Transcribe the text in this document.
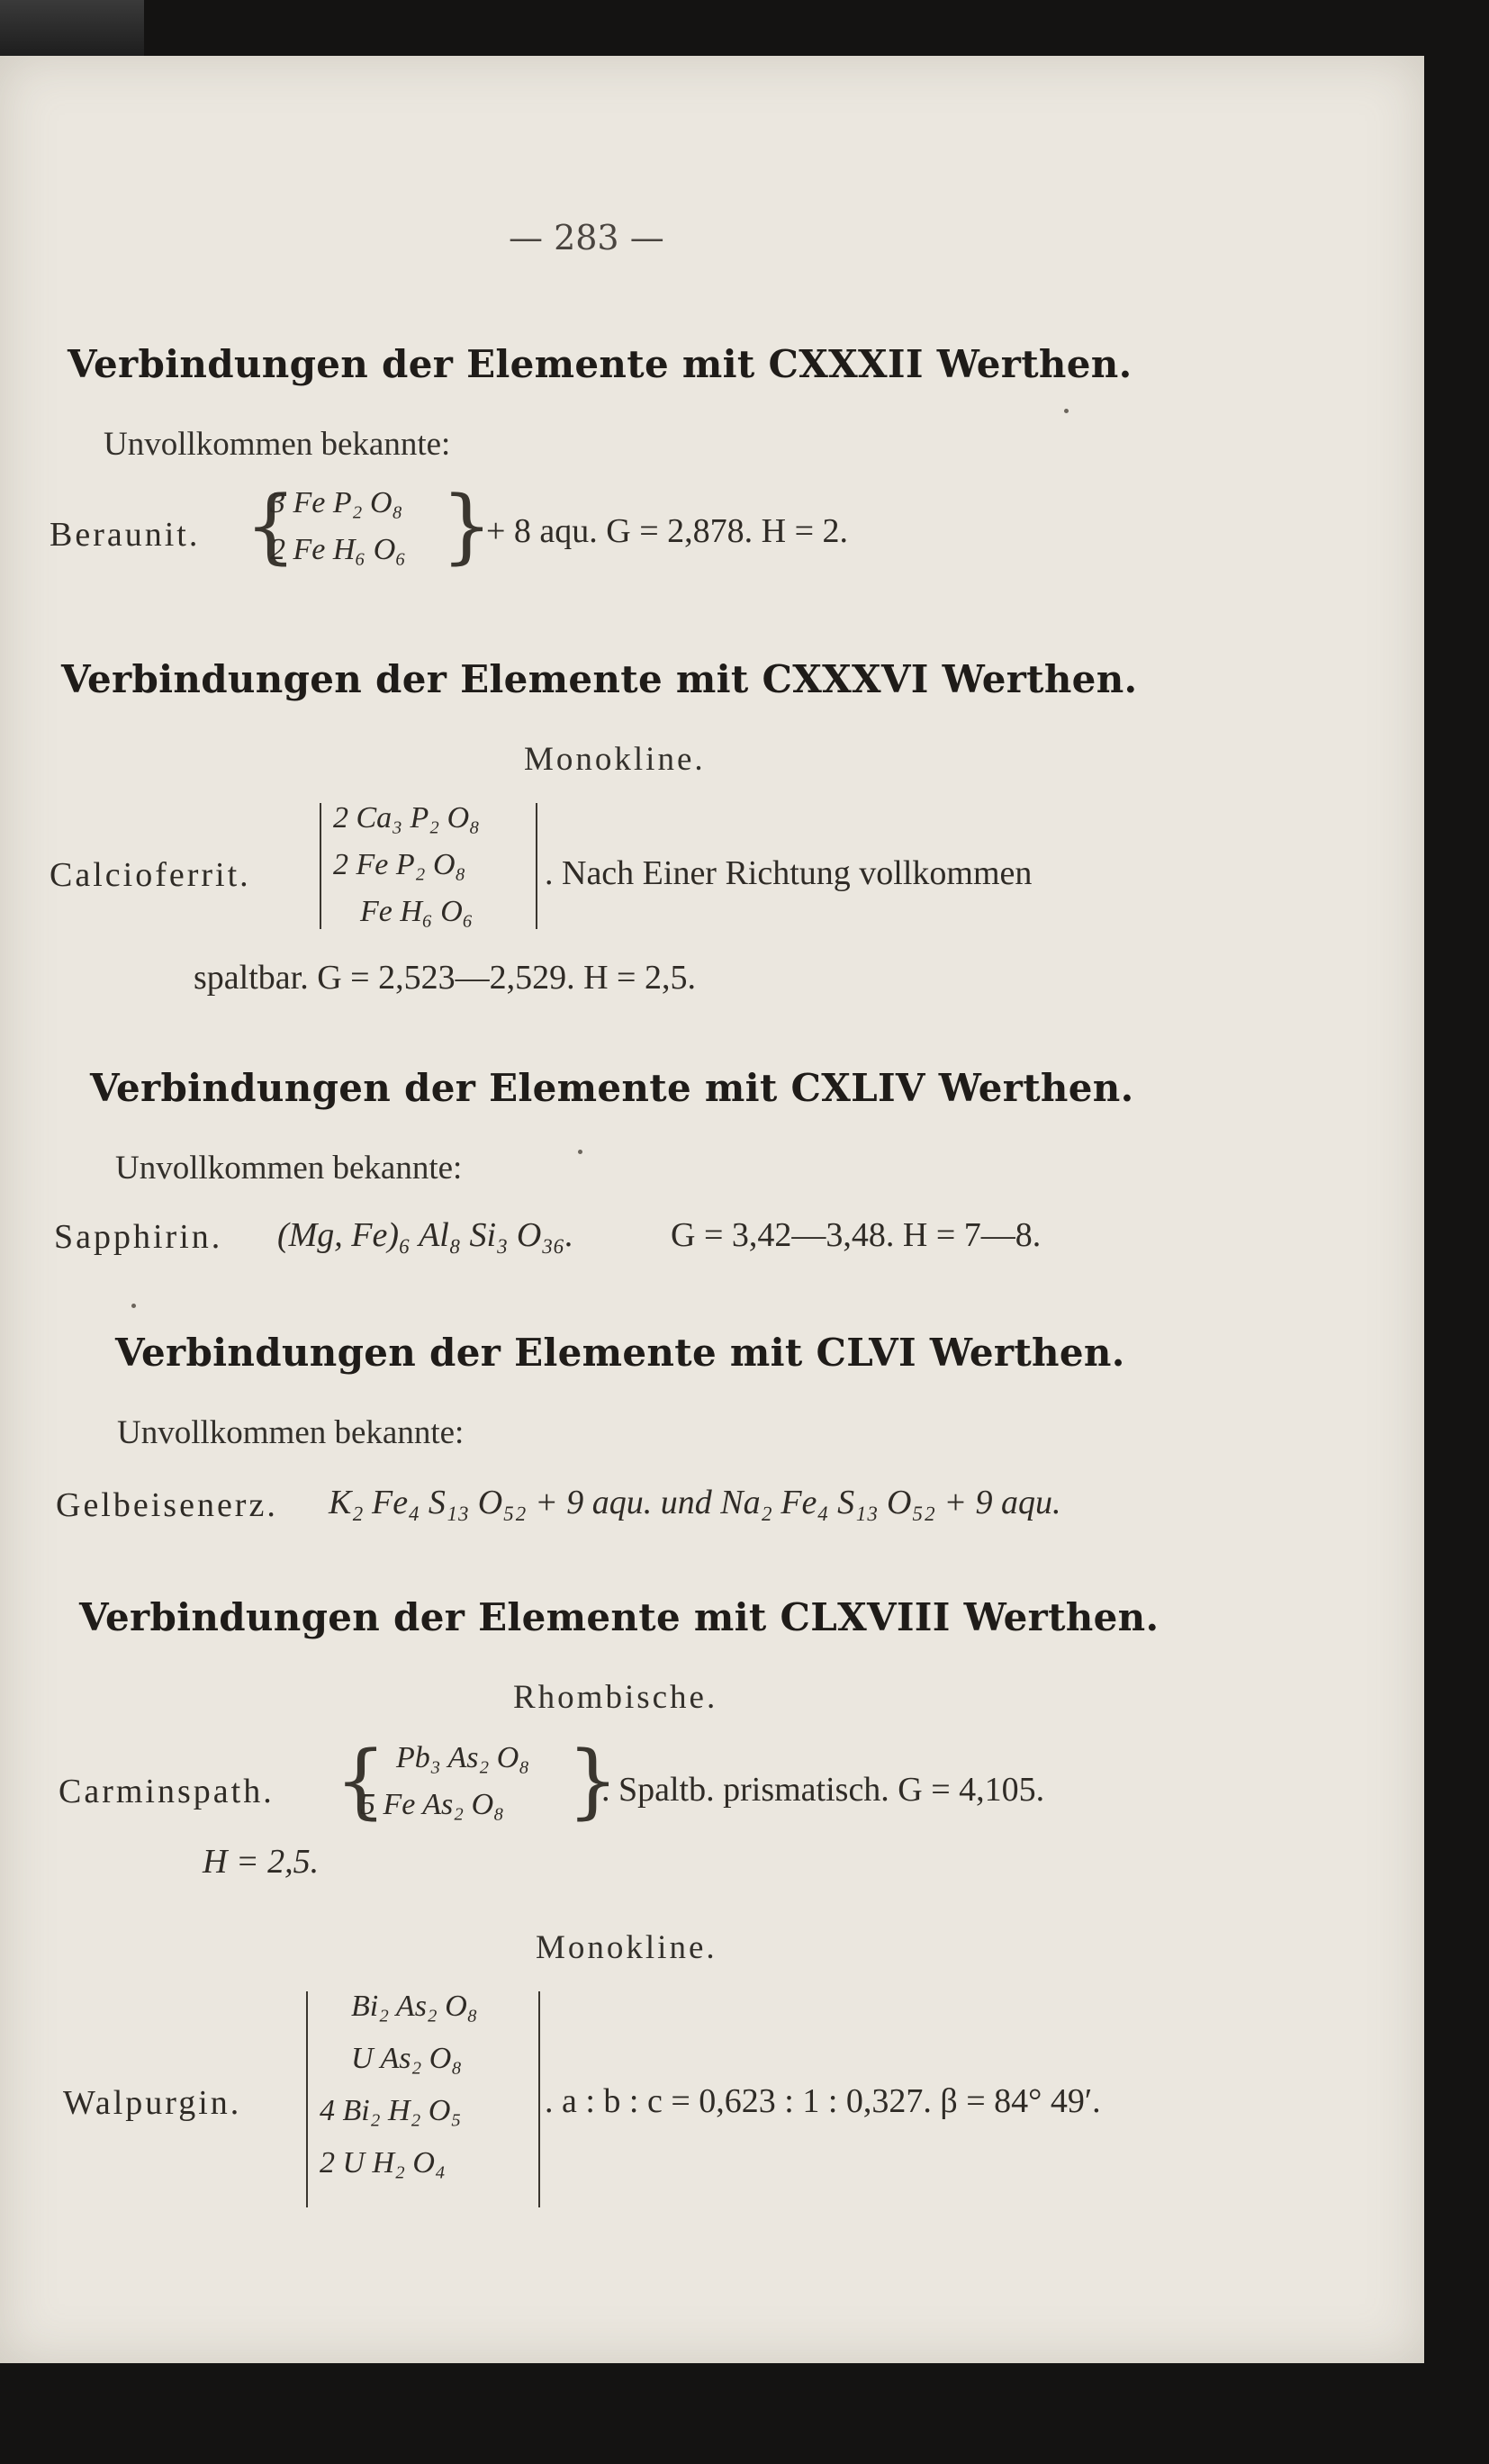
— 283 —
Verbindungen der Elemente mit CXXXII Werthen.
Unvollkommen bekannte:
Beraunit. {
3 Fe P₂ O₈
2 Fe H₆ O₆ }
+ 8 aqu. G = 2,878. H = 2.
Verbindungen der Elemente mit CXXXVI Werthen.
Monokline.
Calcioferrit.
2 Ca₃ P₂ O₈
2 Fe P₂ O₈
Fe H₆ O₆
. Nach Einer Richtung vollkommen
spaltbar. G = 2,523—2,529. H = 2,5.
Verbindungen der Elemente mit CXLIV Werthen.
Unvollkommen bekannte:
Sapphirin. (Mg, Fe)₆ Al₈ Si₃ O₃₆.	G = 3,42—3,48. H = 7—8.
Verbindungen der Elemente mit CLVI Werthen.
Unvollkommen bekannte:
Gelbeisenerz. K₂ Fe₄ S₁₃ O₅₂ + 9 aqu. und Na₂ Fe₄ S₁₃ O₅₂ + 9 aqu.
Verbindungen der Elemente mit CLXVIII Werthen.
Rhombische.
Carminspath. { Pb₃ As₂ O₈
5 Fe As₂ O₈ }
. Spaltb. prismatisch. G = 4,105.
H = 2,5.
Monokline.
Walpurgin.
Bi₂ As₂ O₈
U As₂ O₈
4 Bi₂ H₂ O₅
2 U H₂ O₄
. a : b : c = 0,623 : 1 : 0,327. β = 84° 49′.
